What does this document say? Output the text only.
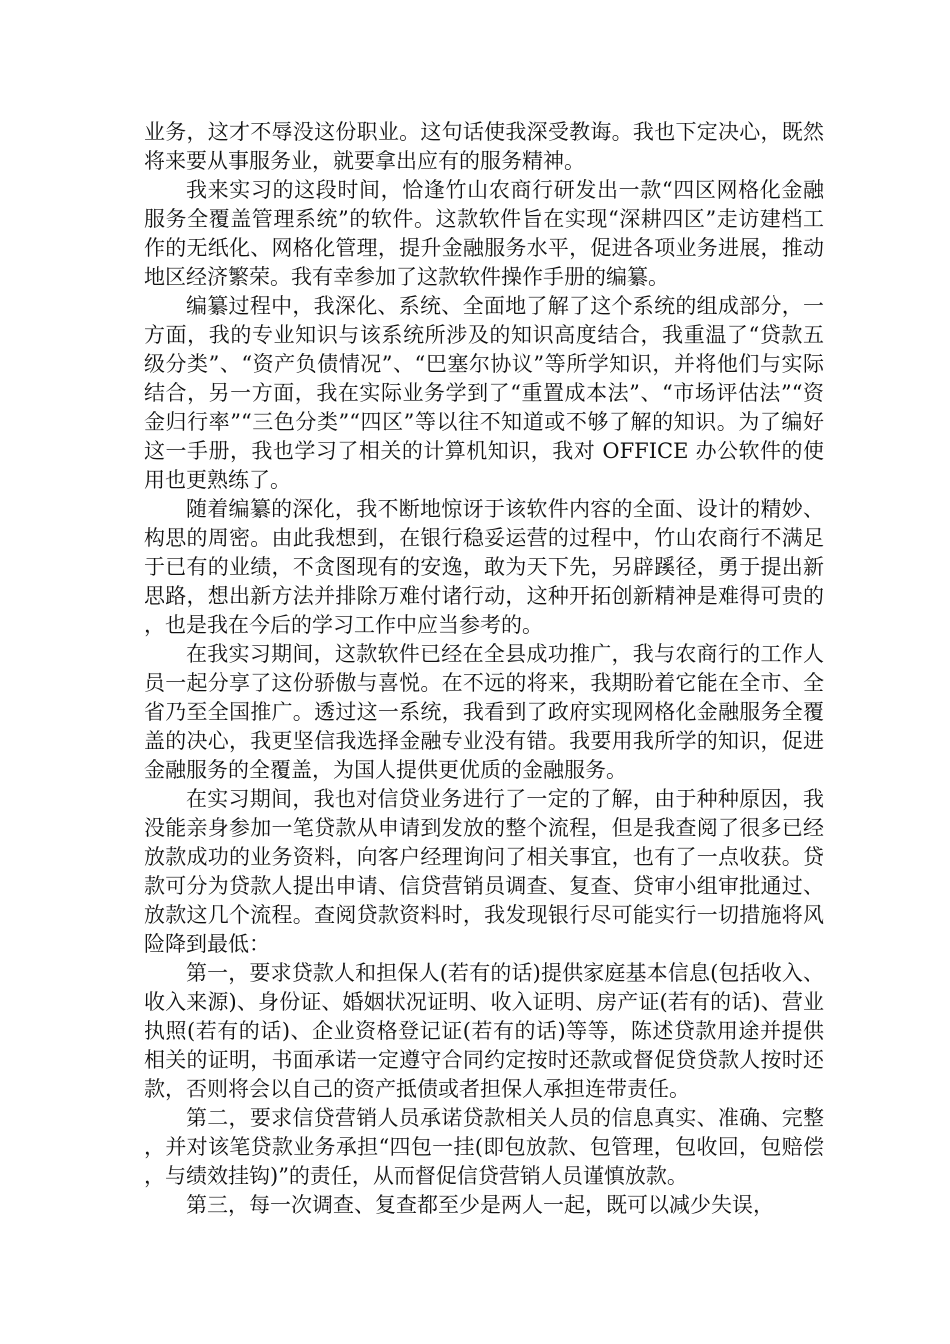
业务，这才不辱没这份职业。这句话使我深受教诲。我也下定决心，既然将来要从事服务业，就要拿出应有的服务精神。

我来实习的这段时间，恰逢竹山农商行研发出一款“四区网格化金融服务全覆盖管理系统”的软件。这款软件旨在实现“深耕四区”走访建档工作的无纸化、网格化管理，提升金融服务水平，促进各项业务进展，推动地区经济繁荣。我有幸参加了这款软件操作手册的编纂。

编纂过程中，我深化、系统、全面地了解了这个系统的组成部分，一方面，我的专业知识与该系统所涉及的知识高度结合，我重温了“贷款五级分类”、“资产负债情况”、“巴塞尔协议”等所学知识，并将他们与实际结合，另一方面，我在实际业务学到了“重置成本法”、“市场评估法”“资金归行率”“三色分类”“四区”等以往不知道或不够了解的知识。为了编好这一手册，我也学习了相关的计算机知识，我对 OFFICE 办公软件的使用也更熟练了。

随着编纂的深化，我不断地惊讶于该软件内容的全面、设计的精妙、构思的周密。由此我想到，在银行稳妥运营的过程中，竹山农商行不满足于已有的业绩，不贪图现有的安逸，敢为天下先，另辟蹊径，勇于提出新思路，想出新方法并排除万难付诸行动，这种开拓创新精神是难得可贵的，也是我在今后的学习工作中应当参考的。

在我实习期间，这款软件已经在全县成功推广，我与农商行的工作人员一起分享了这份骄傲与喜悦。在不远的将来，我期盼着它能在全市、全省乃至全国推广。透过这一系统，我看到了政府实现网格化金融服务全覆盖的决心，我更坚信我选择金融专业没有错。我要用我所学的知识，促进金融服务的全覆盖，为国人提供更优质的金融服务。

在实习期间，我也对信贷业务进行了一定的了解，由于种种原因，我没能亲身参加一笔贷款从申请到发放的整个流程，但是我查阅了很多已经放款成功的业务资料，向客户经理询问了相关事宜，也有了一点收获。贷款可分为贷款人提出申请、信贷营销员调查、复查、贷审小组审批通过、放款这几个流程。查阅贷款资料时，我发现银行尽可能实行一切措施将风险降到最低：

第一，要求贷款人和担保人(若有的话)提供家庭基本信息(包括收入、收入来源)、身份证、婚姻状况证明、收入证明、房产证(若有的话)、营业执照(若有的话)、企业资格登记证(若有的话)等等，陈述贷款用途并提供相关的证明，书面承诺一定遵守合同约定按时还款或督促贷贷款人按时还款，否则将会以自己的资产抵债或者担保人承担连带责任。

第二，要求信贷营销人员承诺贷款相关人员的信息真实、准确、完整，并对该笔贷款业务承担“四包一挂(即包放款、包管理，包收回，包赔偿，与绩效挂钩)”的责任，从而督促信贷营销人员谨慎放款。

第三，每一次调查、复查都至少是两人一起，既可以减少失误，
